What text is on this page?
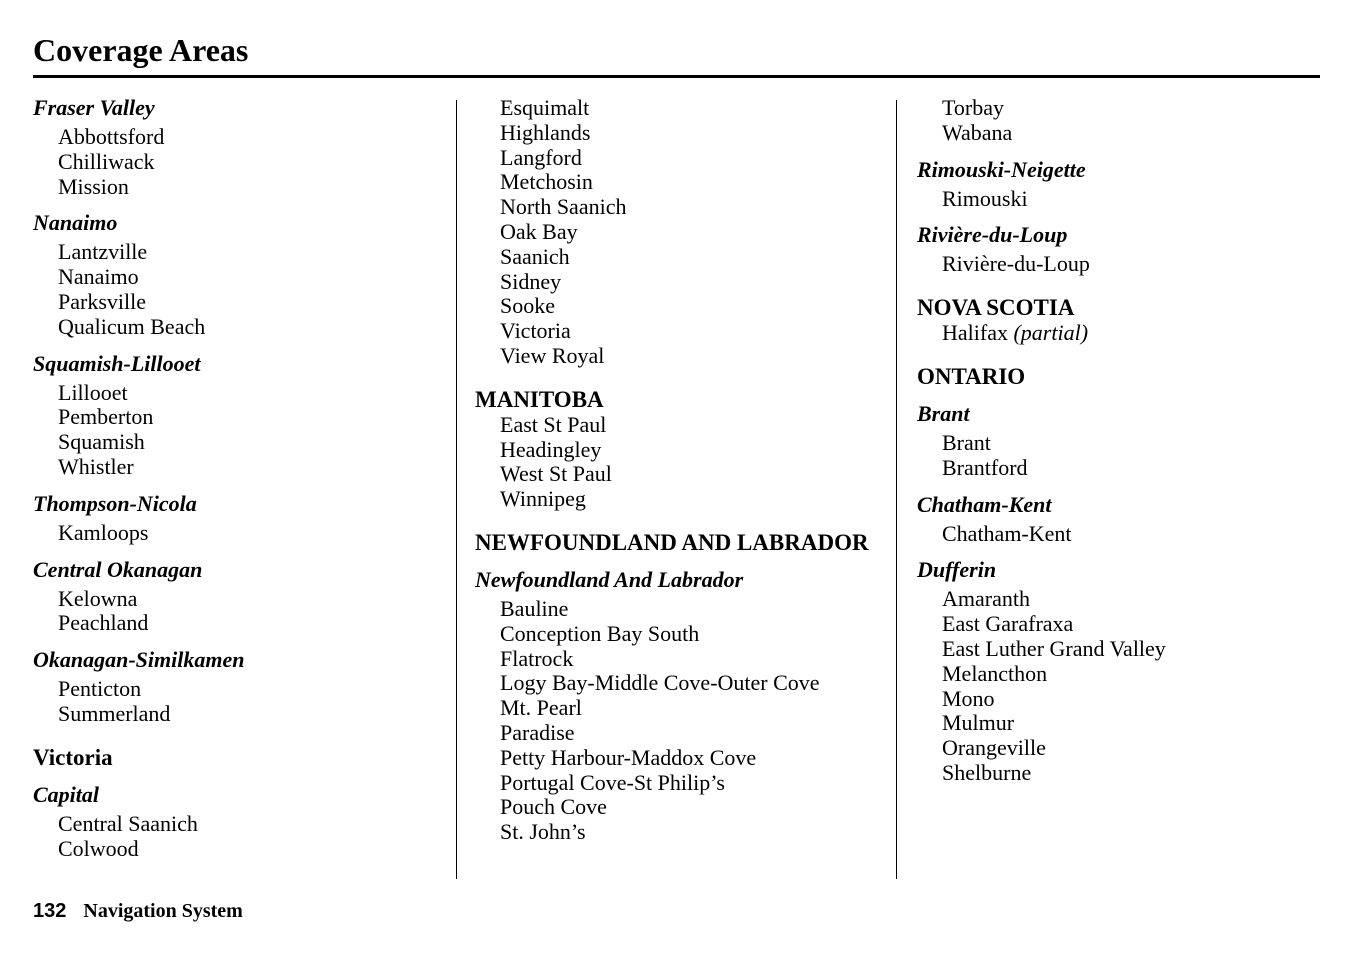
Coverage Areas
Fraser Valley
Abbottsford
Chilliwack
Mission
Nanaimo
Lantzville
Nanaimo
Parksville
Qualicum Beach
Squamish-Lillooet
Lillooet
Pemberton
Squamish
Whistler
Thompson-Nicola
Kamloops
Central Okanagan
Kelowna
Peachland
Okanagan-Similkamen
Penticton
Summerland
Victoria
Capital
Central Saanich
Colwood
Esquimalt
Highlands
Langford
Metchosin
North Saanich
Oak Bay
Saanich
Sidney
Sooke
Victoria
View Royal
MANITOBA
East St Paul
Headingley
West St Paul
Winnipeg
NEWFOUNDLAND AND LABRADOR
Newfoundland And Labrador
Bauline
Conception Bay South
Flatrock
Logy Bay-Middle Cove-Outer Cove
Mt. Pearl
Paradise
Petty Harbour-Maddox Cove
Portugal Cove-St Philip’s
Pouch Cove
St. John’s
Torbay
Wabana
Rimouski-Neigette
Rimouski
Rivière-du-Loup
Rivière-du-Loup
NOVA SCOTIA
Halifax (partial)
ONTARIO
Brant
Brant
Brantford
Chatham-Kent
Chatham-Kent
Dufferin
Amaranth
East Garafraxa
East Luther Grand Valley
Melancthon
Mono
Mulmur
Orangeville
Shelburne
132 Navigation System
